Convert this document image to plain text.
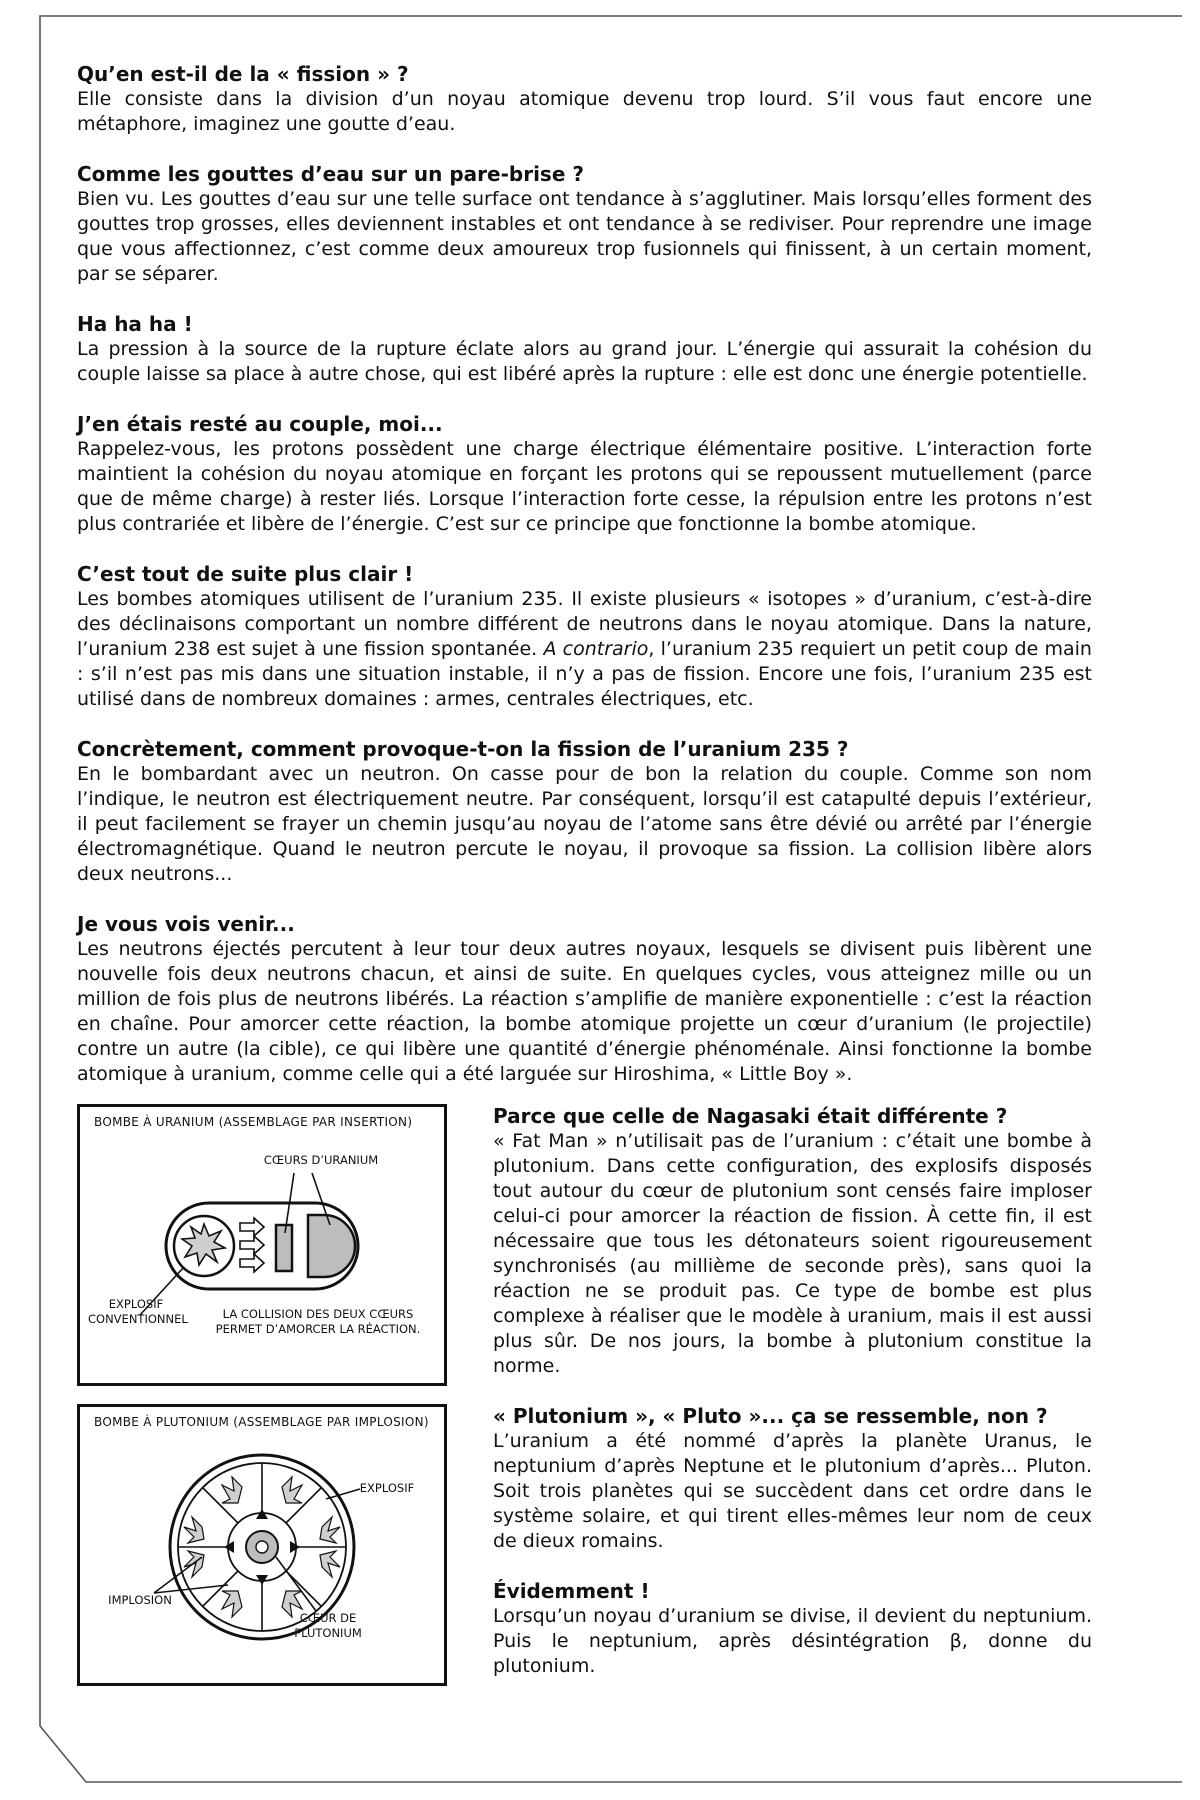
Qu’en est-il de la « fission » ?

Elle consiste dans la division d’un noyau atomique devenu trop lourd. S’il vous faut encore une métaphore, imaginez une goutte d’eau.

Comme les gouttes d’eau sur un pare-brise ?

Bien vu. Les gouttes d’eau sur une telle surface ont tendance à s’agglutiner. Mais lorsqu’elles forment des gouttes trop grosses, elles deviennent instables et ont tendance à se rediviser. Pour reprendre une image que vous affectionnez, c’est comme deux amoureux trop fusionnels qui finissent, à un certain moment, par se séparer.

Ha ha ha !

La pression à la source de la rupture éclate alors au grand jour. L’énergie qui assurait la cohésion du couple laisse sa place à autre chose, qui est libéré après la rupture : elle est donc une énergie potentielle.

J’en étais resté au couple, moi...

Rappelez-vous, les protons possèdent une charge électrique élémentaire positive. L’interaction forte maintient la cohésion du noyau atomique en forçant les protons qui se repoussent mutuellement (parce que de même charge) à rester liés. Lorsque l’interaction forte cesse, la répulsion entre les protons n’est plus contrariée et libère de l’énergie. C’est sur ce principe que fonctionne la bombe atomique.

C’est tout de suite plus clair !

Les bombes atomiques utilisent de l’uranium 235. Il existe plusieurs « isotopes » d’uranium, c’est-à-dire des déclinaisons comportant un nombre différent de neutrons dans le noyau atomique. Dans la nature, l’uranium 238 est sujet à une fission spontanée. A contrario, l’uranium 235 requiert un petit coup de main : s’il n’est pas mis dans une situation instable, il n’y a pas de fission. Encore une fois, l’uranium 235 est utilisé dans de nombreux domaines : armes, centrales électriques, etc.

Concrètement, comment provoque-t-on la fission de l’uranium 235 ?

En le bombardant avec un neutron. On casse pour de bon la relation du couple. Comme son nom l’indique, le neutron est électriquement neutre. Par conséquent, lorsqu’il est catapulté depuis l’extérieur, il peut facilement se frayer un chemin jusqu’au noyau de l’atome sans être dévié ou arrêté par l’énergie électromagnétique. Quand le neutron percute le noyau, il provoque sa fission. La collision libère alors deux neutrons...

Je vous vois venir...

Les neutrons éjectés percutent à leur tour deux autres noyaux, lesquels se divisent puis libèrent une nouvelle fois deux neutrons chacun, et ainsi de suite. En quelques cycles, vous atteignez mille ou un million de fois plus de neutrons libérés. La réaction s’amplifie de manière exponentielle : c’est la réaction en chaîne. Pour amorcer cette réaction, la bombe atomique projette un cœur d’uranium (le projectile) contre un autre (la cible), ce qui libère une quantité d’énergie phénoménale. Ainsi fonctionne la bombe atomique à uranium, comme celle qui a été larguée sur Hiroshima, « Little Boy ».

BOMBE À URANIUM (ASSEMBLAGE PAR INSERTION)
CŒURS D’URANIUM
EXPLOSIF
CONVENTIONNEL	LA COLLISION DES DEUX CŒURS
PERMET D’AMORCER LA RÉACTION.
BOMBE À PLUTONIUM (ASSEMBLAGE PAR IMPLOSION)
EXPLOSIF
IMPLOSION
CŒUR DE
PLUTONIUM
Parce que celle de Nagasaki était différente ?

« Fat Man » n’utilisait pas de l’uranium : c’était une bombe à plutonium. Dans cette configuration, des explosifs disposés tout autour du cœur de plutonium sont censés faire imploser celui-ci pour amorcer la réaction de fission. À cette fin, il est nécessaire que tous les détonateurs soient rigoureusement synchronisés (au millième de seconde près), sans quoi la réaction ne se produit pas. Ce type de bombe est plus complexe à réaliser que le modèle à uranium, mais il est aussi plus sûr. De nos jours, la bombe à plutonium constitue la norme.

« Plutonium », « Pluto »... ça se ressemble, non ?

L’uranium a été nommé d’après la planète Uranus, le neptunium d’après Neptune et le plutonium d’après... Pluton. Soit trois planètes qui se succèdent dans cet ordre dans le système solaire, et qui tirent elles-mêmes leur nom de ceux de dieux romains.

Évidemment !

Lorsqu’un noyau d’uranium se divise, il devient du neptunium. Puis le neptunium, après désintégration β, donne du plutonium.
